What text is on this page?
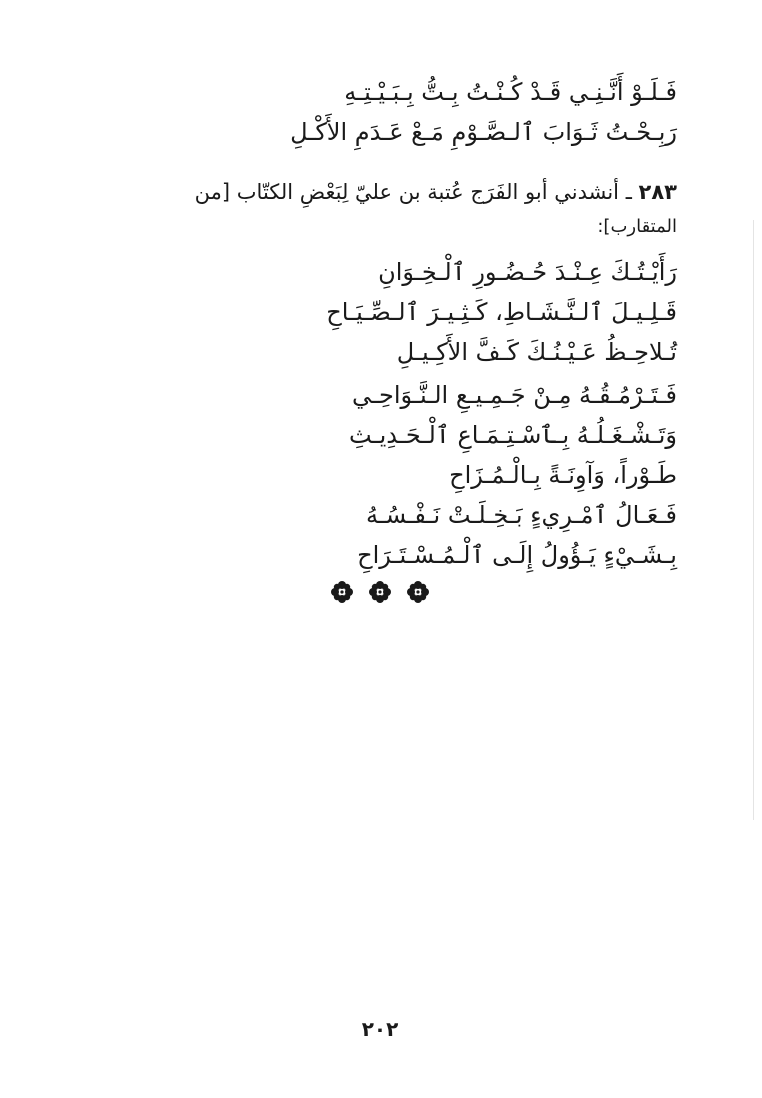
فَـلَـوْ أَنَّـنِـي قَـدْ كُـنْـتُ بِـتُّ بِـبَـيْـتِـهِ
رَبِـحْـتُ ثَـوَابَ ٱلـصَّـوْمِ مَـعْ عَـدَمِ الأَكْـلِ
٢٨٣ ـ أنشدني أبو الفَرَج عُتبة بن عليّ لِبَعْضِ الكتّاب [من
المتقارب]:
رَأَيْـتُـكَ عِـنْـدَ حُـضُـورِ ٱلْـخِـوَانِ
قَـلِـيـلَ ٱلـنَّـشَـاطِ، كَـثِـيـرَ ٱلـصِّـيَـاحِ
تُـلاحِـظُ عَـيْـنُـكَ كَـفَّ الأَكِـيـلِ
فَـتَـرْمُـقُـهُ مِـنْ جَـمِـيـعِ الـنَّـوَاحِـي
وَتَـشْـغَـلُـهُ بِـٱسْـتِـمَـاعِ ٱلْـحَـدِيـثِ
طَـوْراً، وَآوِنَـةً بِـالْـمُـزَاحِ
فَـعَـالُ ٱمْـرِيءٍ بَـخِـلَـتْ نَـفْـسُـهُ
بِـشَـيْءٍ يَـؤُولُ إِلَـى ٱلْـمُـسْـتَـرَاحِ
٢٠٢
